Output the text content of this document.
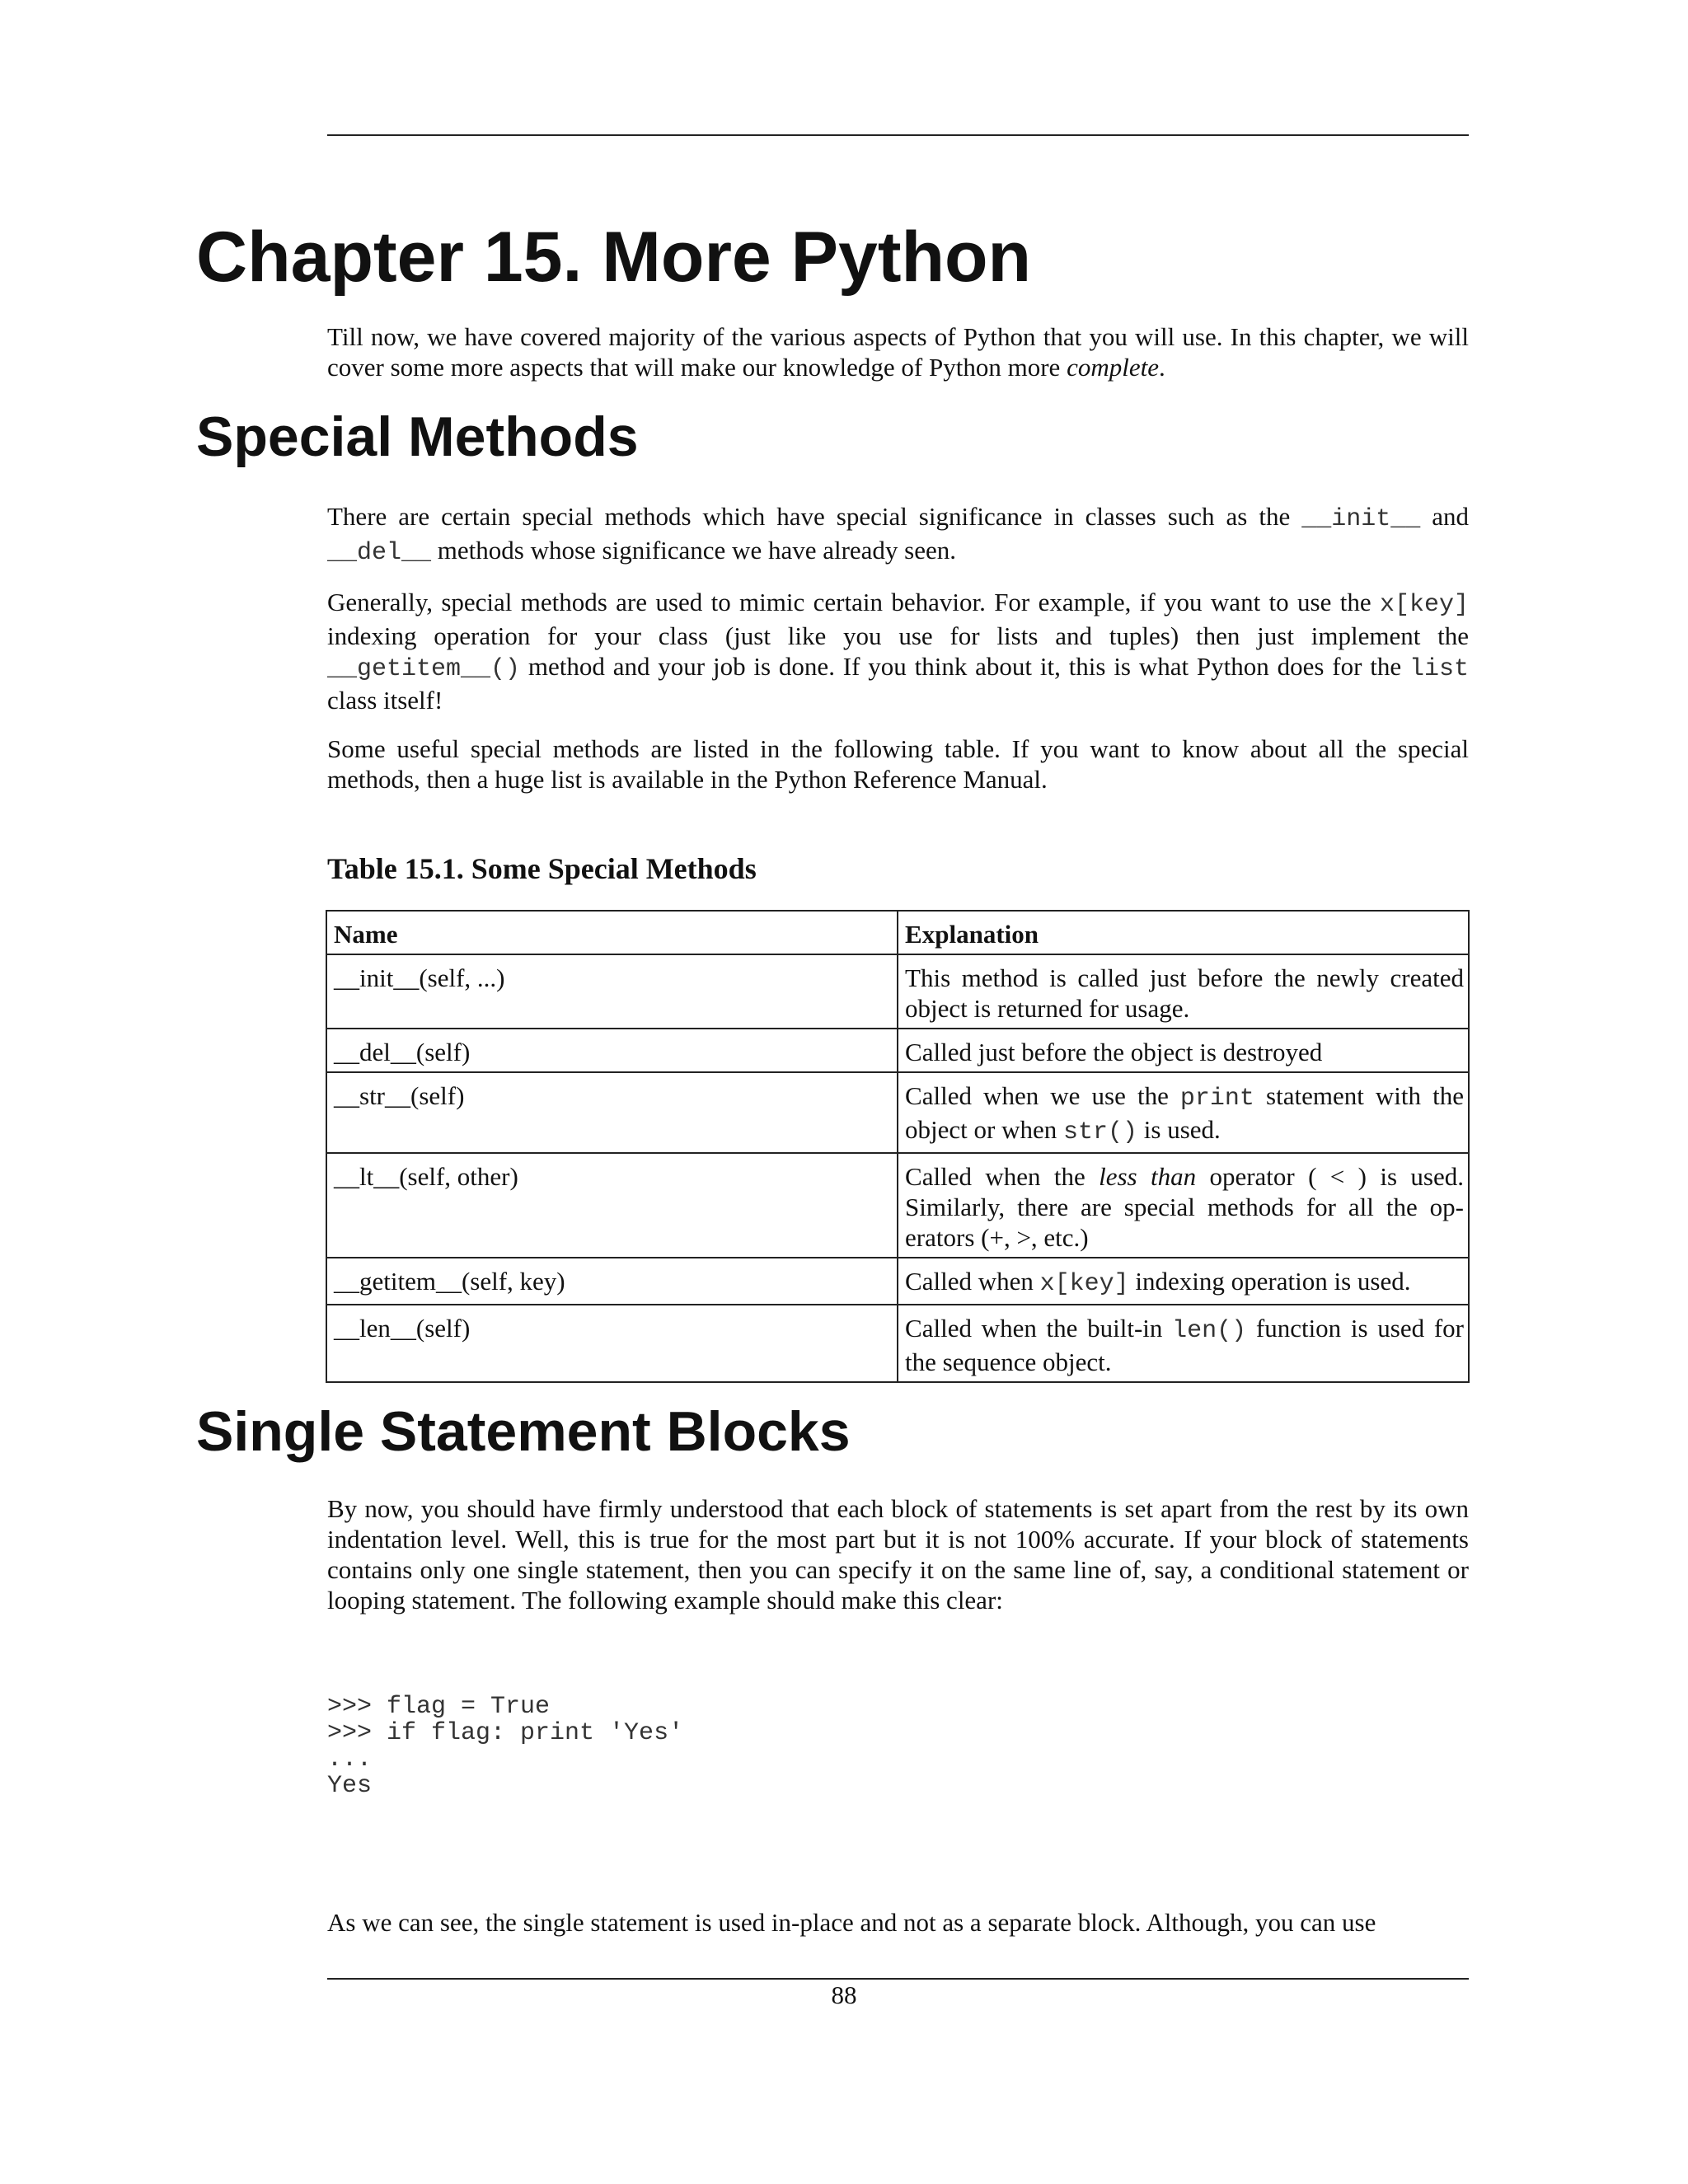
Chapter 15. More Python

Till now, we have covered majority of the various aspects of Python that you will use. In this chapter, we will cover some more aspects that will make our knowledge of Python more complete.

Special Methods

There are certain special methods which have special significance in classes such as the __init__ and __del__ methods whose significance we have already seen.

Generally, special methods are used to mimic certain behavior. For example, if you want to use the x[key] indexing operation for your class (just like you use for lists and tuples) then just implement the __getitem__() method and your job is done. If you think about it, this is what Python does for the list class itself!

Some useful special methods are listed in the following table. If you want to know about all the special methods, then a huge list is available in the Python Reference Manual.

Table 15.1. Some Special Methods

Name	Explanation
__init__(self, ...)	This method is called just before the newly created object is returned for usage.
__del__(self)	Called just before the object is destroyed
__str__(self)	Called when we use the print statement with the object or when str() is used.
__lt__(self, other)	Called when the less than operator ( < ) is used. Similarly, there are special methods for all the operators (+, >, etc.)
__getitem__(self, key)	Called when x[key] indexing operation is used.
__len__(self)	Called when the built-in len() function is used for the sequence object.
Single Statement Blocks

By now, you should have firmly understood that each block of statements is set apart from the rest by its own indentation level. Well, this is true for the most part but it is not 100% accurate. If your block of statements contains only one single statement, then you can specify it on the same line of, say, a conditional statement or looping statement. The following example should make this clear:

>>> flag = True
>>> if flag: print 'Yes'
...
Yes

As we can see, the single statement is used in-place and not as a separate block. Although, you can use

88
